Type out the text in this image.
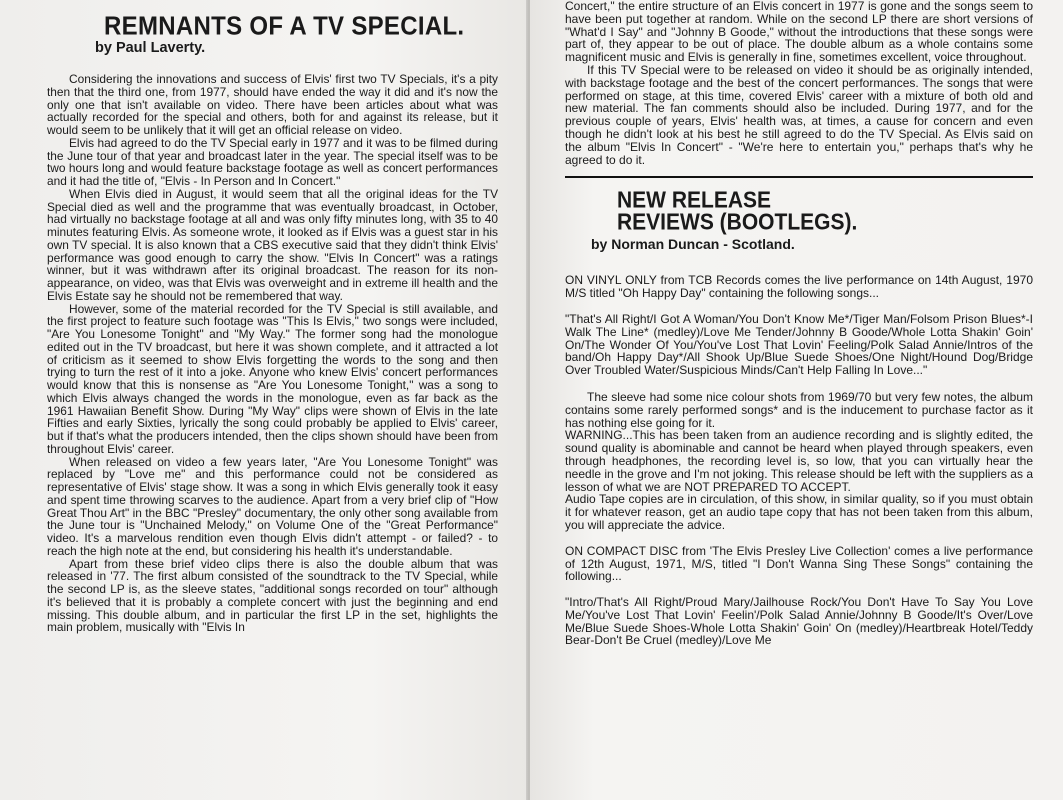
REMNANTS OF A TV SPECIAL.
by Paul Laverty.

Considering the innovations and success of Elvis' first two TV Specials, it's a pity then that the third one, from 1977, should have ended the way it did and it's now the only one that isn't available on video. There have been articles about what was actually recorded for the special and others, both for and against its release, but it would seem to be unlikely that it will get an official release on video.

Elvis had agreed to do the TV Special early in 1977 and it was to be filmed during the June tour of that year and broadcast later in the year. The special itself was to be two hours long and would feature backstage footage as well as concert performances and it had the title of, "Elvis - In Person and In Concert."

When Elvis died in August, it would seem that all the original ideas for the TV Special died as well and the programme that was eventually broadcast, in October, had virtually no backstage footage at all and was only fifty minutes long, with 35 to 40 minutes featuring Elvis. As someone wrote, it looked as if Elvis was a guest star in his own TV special. It is also known that a CBS executive said that they didn't think Elvis' performance was good enough to carry the show. "Elvis In Concert" was a ratings winner, but it was withdrawn after its original broadcast. The reason for its non-appearance, on video, was that Elvis was overweight and in extreme ill health and the Elvis Estate say he should not be remembered that way.

However, some of the material recorded for the TV Special is still available, and the first project to feature such footage was "This Is Elvis," two songs were included, "Are You Lonesome Tonight" and "My Way." The former song had the monologue edited out in the TV broadcast, but here it was shown complete, and it attracted a lot of criticism as it seemed to show Elvis forgetting the words to the song and then trying to turn the rest of it into a joke. Anyone who knew Elvis' concert performances would know that this is nonsense as "Are You Lonesome Tonight," was a song to which Elvis always changed the words in the monologue, even as far back as the 1961 Hawaiian Benefit Show. During "My Way" clips were shown of Elvis in the late Fifties and early Sixties, lyrically the song could probably be applied to Elvis' career, but if that's what the producers intended, then the clips shown should have been from throughout Elvis' career.

When released on video a few years later, "Are You Lonesome Tonight" was replaced by "Love me" and this performance could not be considered as representative of Elvis' stage show. It was a song in which Elvis generally took it easy and spent time throwing scarves to the audience. Apart from a very brief clip of "How Great Thou Art" in the BBC "Presley" documentary, the only other song available from the June tour is "Unchained Melody," on Volume One of the "Great Performance" video. It's a marvelous rendition even though Elvis didn't attempt - or failed? - to reach the high note at the end, but considering his health it's understandable.

Apart from these brief video clips there is also the double album that was released in '77. The first album consisted of the soundtrack to the TV Special, while the second LP is, as the sleeve states, "additional songs recorded on tour" although it's believed that it is probably a complete concert with just the beginning and end missing. This double album, and in particular the first LP in the set, highlights the main problem, musically with "Elvis In

Concert," the entire structure of an Elvis concert in 1977 is gone and the songs seem to have been put together at random. While on the second LP there are short versions of "What'd I Say" and "Johnny B Goode," without the introductions that these songs were part of, they appear to be out of place. The double album as a whole contains some magnificent music and Elvis is generally in fine, sometimes excellent, voice throughout.

If this TV Special were to be released on video it should be as originally intended, with backstage footage and the best of the concert performances. The songs that were performed on stage, at this time, covered Elvis' career with a mixture of both old and new material. The fan comments should also be included. During 1977, and for the previous couple of years, Elvis' health was, at times, a cause for concern and even though he didn't look at his best he still agreed to do the TV Special. As Elvis said on the album "Elvis In Concert" - "We're here to entertain you," perhaps that's why he agreed to do it.

NEW RELEASE
REVIEWS (BOOTLEGS).
by Norman Duncan - Scotland.

ON VINYL ONLY from TCB Records comes the live performance on 14th August, 1970 M/S titled "Oh Happy Day" containing the following songs...

"That's All Right/I Got A Woman/You Don't Know Me*/Tiger Man/Folsom Prison Blues*-I Walk The Line* (medley)/Love Me Tender/Johnny B Goode/Whole Lotta Shakin' Goin' On/The Wonder Of You/You've Lost That Lovin' Feeling/Polk Salad Annie/Intros of the band/Oh Happy Day*/All Shook Up/Blue Suede Shoes/One Night/Hound Dog/Bridge Over Troubled Water/Suspicious Minds/Can't Help Falling In Love..."

The sleeve had some nice colour shots from 1969/70 but very few notes, the album contains some rarely performed songs* and is the inducement to purchase factor as it has nothing else going for it.

WARNING...This has been taken from an audience recording and is slightly edited, the sound quality is abominable and cannot be heard when played through speakers, even through headphones, the recording level is, so low, that you can virtually hear the needle in the grove and I'm not joking. This release should be left with the suppliers as a lesson of what we are NOT PREPARED TO ACCEPT.

Audio Tape copies are in circulation, of this show, in similar quality, so if you must obtain it for whatever reason, get an audio tape copy that has not been taken from this album, you will appreciate the advice.

ON COMPACT DISC from 'The Elvis Presley Live Collection' comes a live performance of 12th August, 1971, M/S, titled "I Don't Wanna Sing These Songs" containing the following...

"Intro/That's All Right/Proud Mary/Jailhouse Rock/You Don't Have To Say You Love Me/You've Lost That Lovin' Feelin'/Polk Salad Annie/Johnny B Goode/It's Over/Love Me/Blue Suede Shoes-Whole Lotta Shakin' Goin' On (medley)/Heartbreak Hotel/Teddy Bear-Don't Be Cruel (medley)/Love Me
